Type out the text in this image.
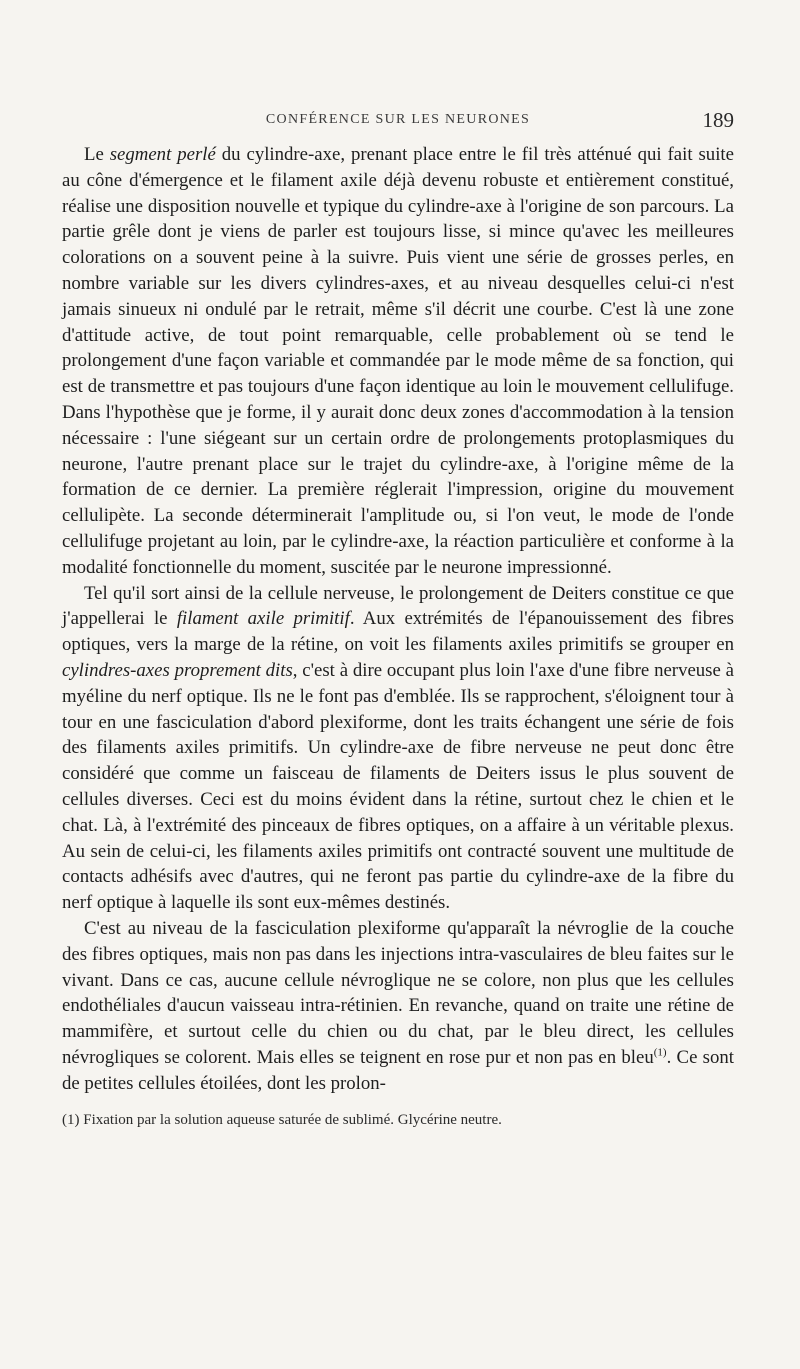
CONFÉRENCE SUR LES NEURONES	189

Le segment perlé du cylindre-axe, prenant place entre le fil très atténué qui fait suite au cône d'émergence et le filament axile déjà devenu robuste et entièrement constitué, réalise une disposition nouvelle et typique du cylindre-axe à l'origine de son parcours. La partie grêle dont je viens de parler est toujours lisse, si mince qu'avec les meilleures colorations on a souvent peine à la suivre. Puis vient une série de grosses perles, en nombre variable sur les divers cylindres-axes, et au niveau desquelles celui-ci n'est jamais sinueux ni ondulé par le retrait, même s'il décrit une courbe. C'est là une zone d'attitude active, de tout point remarquable, celle probablement où se tend le prolongement d'une façon variable et commandée par le mode même de sa fonction, qui est de transmettre et pas toujours d'une façon identique au loin le mouvement cellulifuge. Dans l'hypothèse que je forme, il y aurait donc deux zones d'accommodation à la tension nécessaire : l'une siégeant sur un certain ordre de prolongements protoplasmiques du neurone, l'autre prenant place sur le trajet du cylindre-axe, à l'origine même de la formation de ce dernier. La première réglerait l'impression, origine du mouvement cellulipète. La seconde déterminerait l'amplitude ou, si l'on veut, le mode de l'onde cellulifuge projetant au loin, par le cylindre-axe, la réaction particulière et conforme à la modalité fonctionnelle du moment, suscitée par le neurone impressionné.

Tel qu'il sort ainsi de la cellule nerveuse, le prolongement de Deiters constitue ce que j'appellerai le filament axile primitif. Aux extrémités de l'épanouissement des fibres optiques, vers la marge de la rétine, on voit les filaments axiles primitifs se grouper en cylindres-axes proprement dits, c'est à dire occupant plus loin l'axe d'une fibre nerveuse à myéline du nerf optique. Ils ne le font pas d'emblée. Ils se rapprochent, s'éloignent tour à tour en une fasciculation d'abord plexiforme, dont les traits échangent une série de fois des filaments axiles primitifs. Un cylindre-axe de fibre nerveuse ne peut donc être considéré que comme un faisceau de filaments de Deiters issus le plus souvent de cellules diverses. Ceci est du moins évident dans la rétine, surtout chez le chien et le chat. Là, à l'extrémité des pinceaux de fibres optiques, on a affaire à un véritable plexus. Au sein de celui-ci, les filaments axiles primitifs ont contracté souvent une multitude de contacts adhésifs avec d'autres, qui ne feront pas partie du cylindre-axe de la fibre du nerf optique à laquelle ils sont eux-mêmes destinés.

C'est au niveau de la fasciculation plexiforme qu'apparaît la névroglie de la couche des fibres optiques, mais non pas dans les injections intra-vasculaires de bleu faites sur le vivant. Dans ce cas, aucune cellule névroglique ne se colore, non plus que les cellules endothéliales d'aucun vaisseau intra-rétinien. En revanche, quand on traite une rétine de mammifère, et surtout celle du chien ou du chat, par le bleu direct, les cellules névrogliques se colorent. Mais elles se teignent en rose pur et non pas en bleu$^{(1)}$. Ce sont de petites cellules étoilées, dont les prolon-

(1) Fixation par la solution aqueuse saturée de sublimé. Glycérine neutre.
